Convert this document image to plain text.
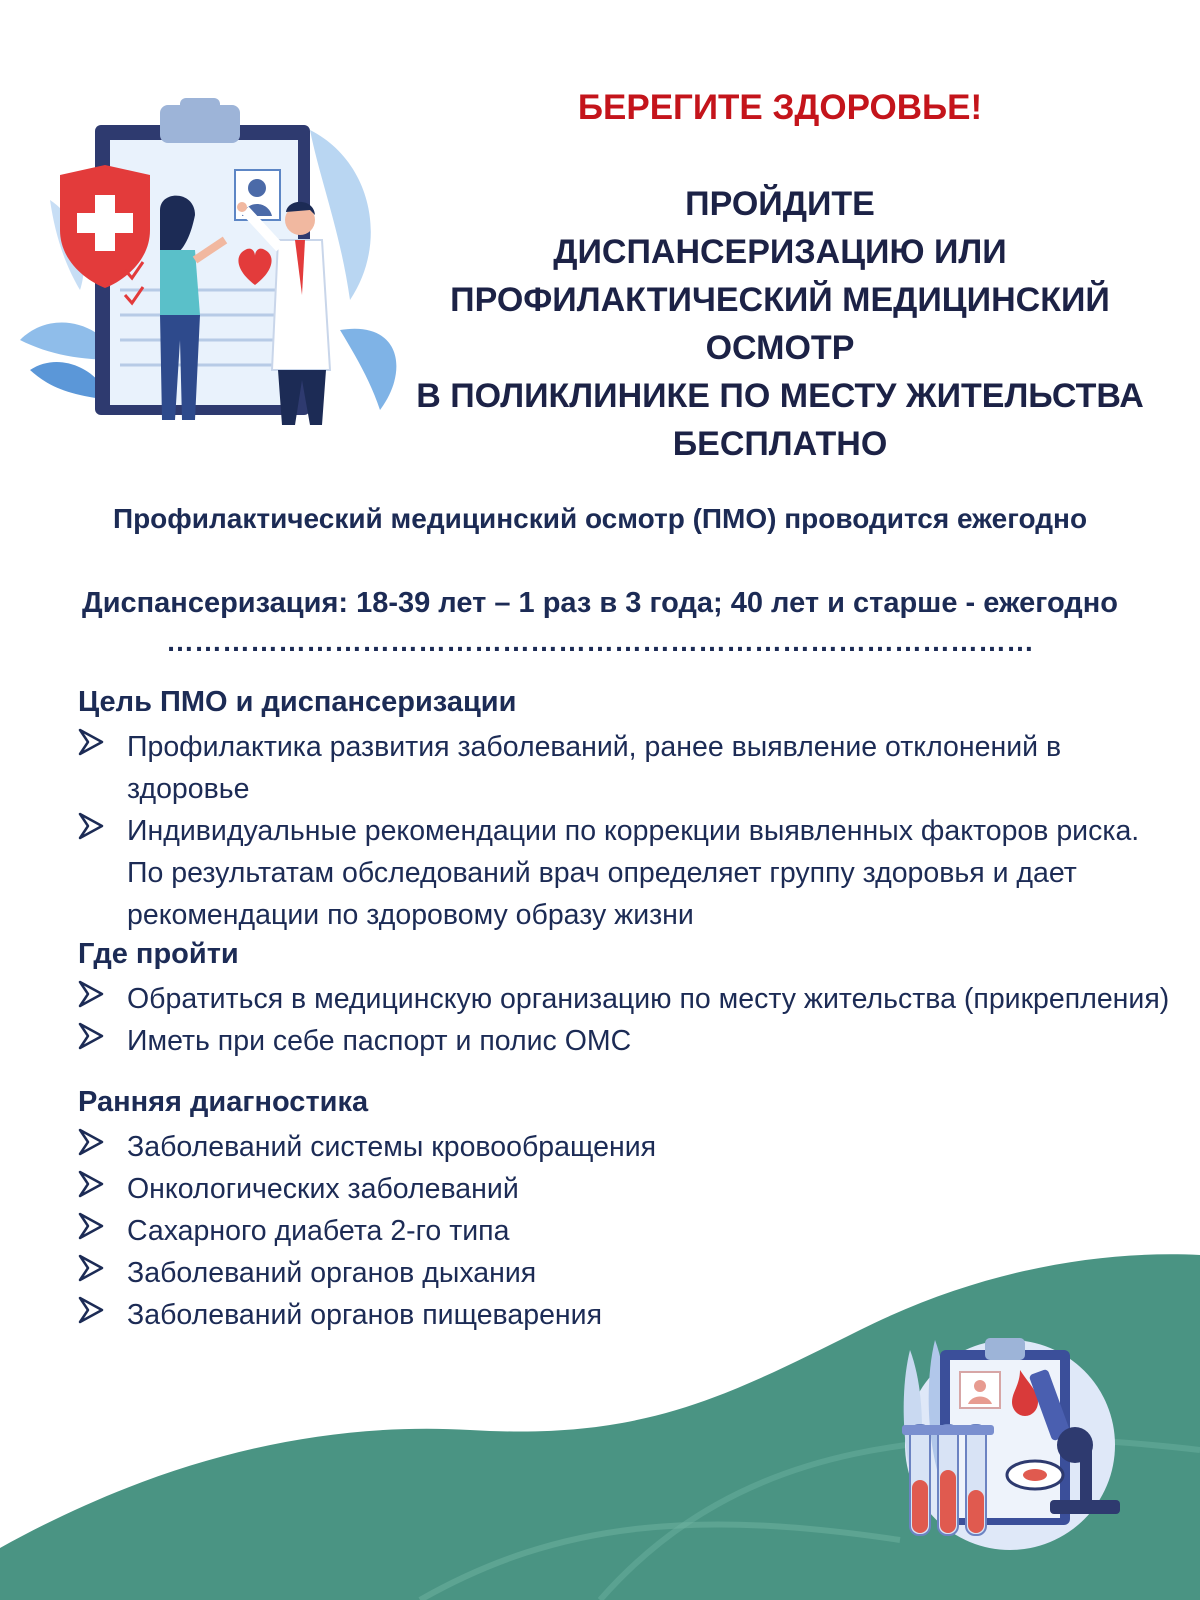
БЕРЕГИТЕ ЗДОРОВЬЕ!
ПРОЙДИТЕ
ДИСПАНСЕРИЗАЦИЮ ИЛИ
ПРОФИЛАКТИЧЕСКИЙ МЕДИЦИНСКИЙ
ОСМОТР
В ПОЛИКЛИНИКЕ ПО МЕСТУ ЖИТЕЛЬСТВА
БЕСПЛАТНО
Профилактический медицинский осмотр (ПМО) проводится ежегодно
Диспансеризация: 18-39 лет – 1 раз в 3 года; 40 лет и старше - ежегодно
…………………………………………………………………………………
Цель ПМО и диспансеризации
Профилактика развития заболеваний, ранее выявление отклонений в здоровье
Индивидуальные рекомендации по коррекции выявленных факторов риска. По результатам обследований врач определяет группу здоровья и дает рекомендации по здоровому образу жизни
Где пройти
Обратиться в медицинскую организацию по месту жительства (прикрепления)
Иметь при себе паспорт и полис ОМС
Ранняя диагностика
Заболеваний системы кровообращения
Онкологических заболеваний
Сахарного диабета 2-го типа
Заболеваний органов дыхания
Заболеваний органов пищеварения
